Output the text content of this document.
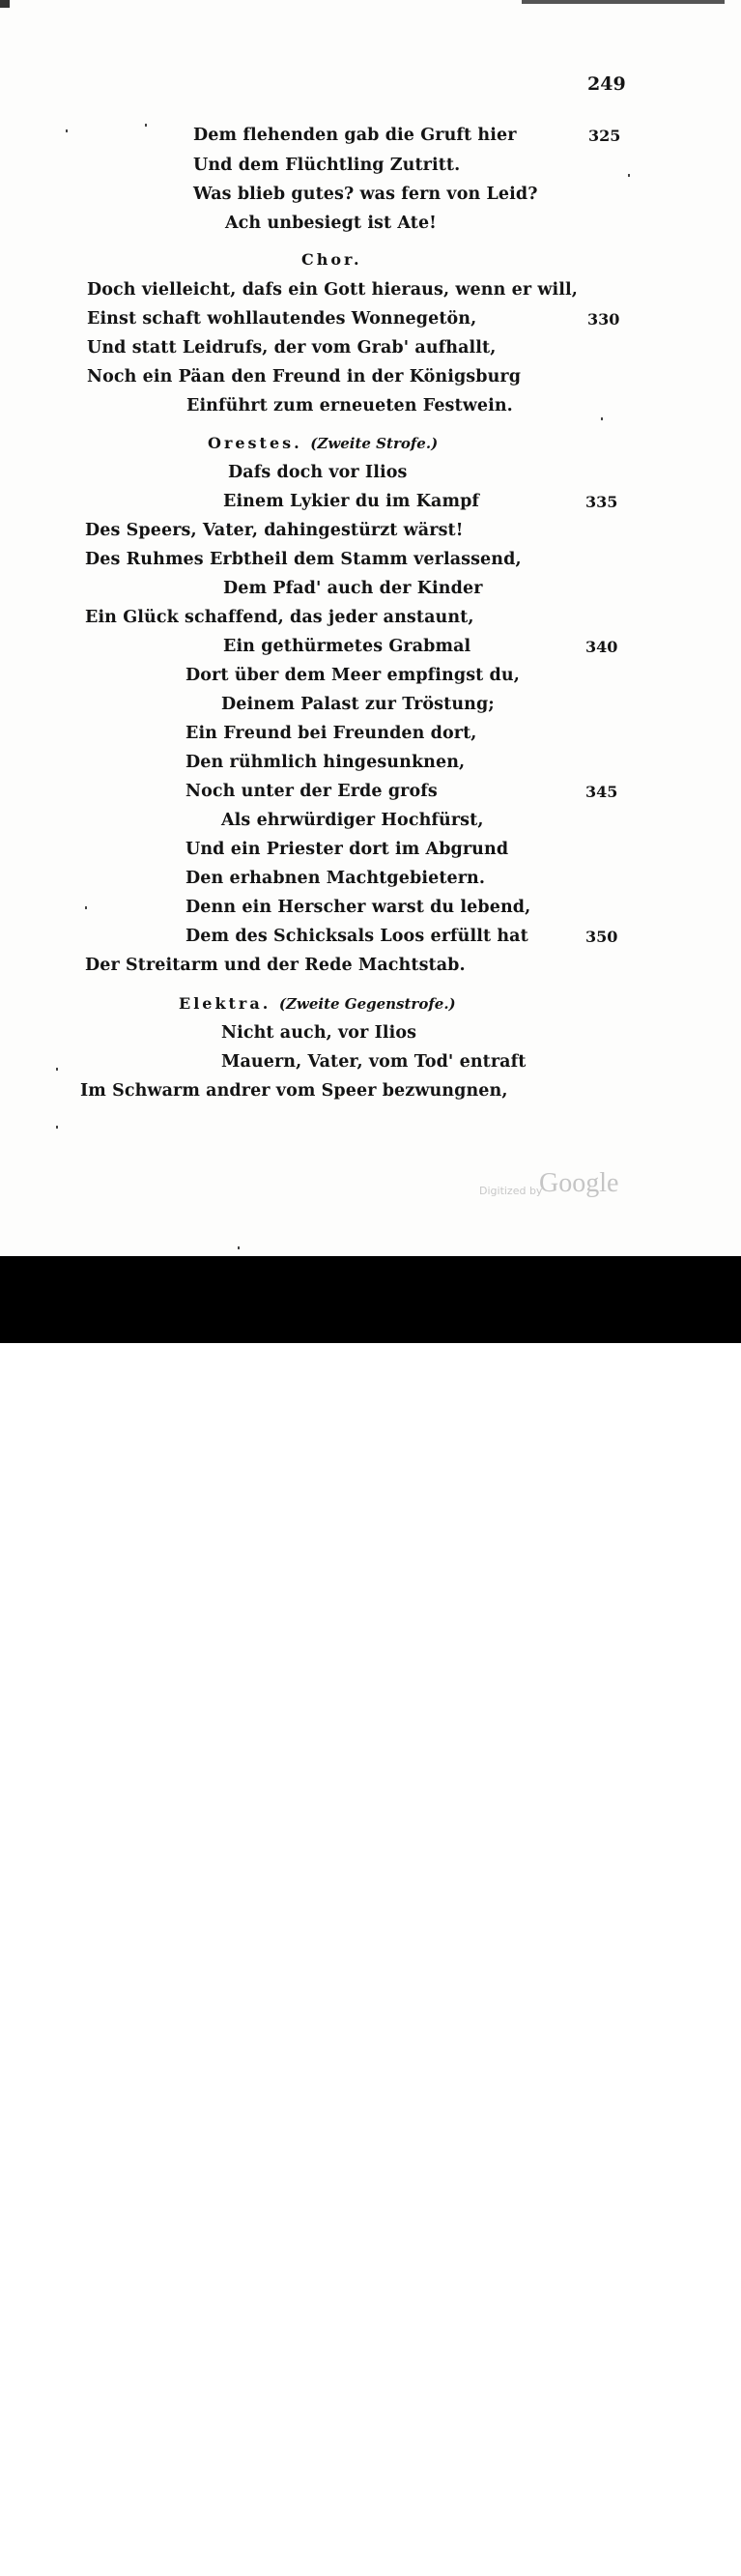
249
Dem flehenden gab die Gruft hier	325
Und dem Flüchtling Zutritt.
Was blieb gutes? was fern von Leid?
Ach unbesiegt ist Ate!
Chor.
Doch vielleicht, dafs ein Gott hieraus, wenn er will,
Einst schaft wohllautendes Wonnegetön,	330
Und statt Leidrufs, der vom Grab' aufhallt,
Noch ein Päan den Freund in der Königsburg
Einführt zum erneueten Festwein.
Orestes. (Zweite Strofe.)
Dafs doch vor Ilios
Einem Lykier du im Kampf	335
Des Speers, Vater, dahingestürzt wärst!
Des Ruhmes Erbtheil dem Stamm verlassend,
Dem Pfad' auch der Kinder
Ein Glück schaffend, das jeder anstaunt,
Ein gethürmetes Grabmal	340
Dort über dem Meer empfingst du,
Deinem Palast zur Tröstung;
Ein Freund bei Freunden dort,
Den rühmlich hingesunknen,
Noch unter der Erde grofs	345
Als ehrwürdiger Hochfürst,
Und ein Priester dort im Abgrund
Den erhabnen Machtgebietern.
Denn ein Herscher warst du lebend,
Dem des Schicksals Loos erfüllt hat	350
Der Streitarm und der Rede Machtstab.
Elektra. (Zweite Gegenstrofe.)
Nicht auch, vor Ilios
Mauern, Vater, vom Tod' entraft
Im Schwarm andrer vom Speer bezwungnen,
Digitized by
Google
alamy	KYFF04
www.alamy.com
